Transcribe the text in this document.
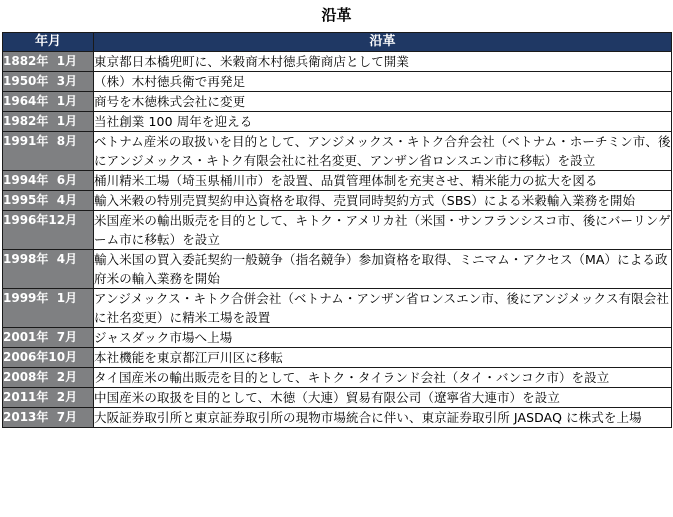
沿革
年月	沿革
1882年  1月	東京都日本橋兜町に、米穀商木村徳兵衛商店として開業
1950年  3月	（株）木村徳兵衛で再発足
1964年  1月	商号を木徳株式会社に変更
1982年  1月	当社創業 100 周年を迎える
1991年  8月	ベトナム産米の取扱いを目的として、アンジメックス・キトク合弁会社（ベトナム・ホーチミン市、後にアンジメックス・キトク有限会社に社名変更、アンザン省ロンスエン市に移転）を設立
1994年  6月	桶川精米工場（埼玉県桶川市）を設置、品質管理体制を充実させ、精米能力の拡大を図る
1995年  4月	輸入米穀の特別売買契約申込資格を取得、売買同時契約方式（SBS）による米穀輸入業務を開始
1996年12月	米国産米の輸出販売を目的として、キトク・アメリカ社（米国・サンフランシスコ市、後にバーリンゲーム市に移転）を設立
1998年  4月	輸入米国の買入委託契約一般競争（指名競争）参加資格を取得、ミニマム・アクセス（MA）による政府米の輸入業務を開始
1999年  1月	アンジメックス・キトク合併会社（ベトナム・アンザン省ロンスエン市、後にアンジメックス有限会社に社名変更）に精米工場を設置
2001年  7月	ジャスダック市場へ上場
2006年10月	本社機能を東京都江戸川区に移転
2008年  2月	タイ国産米の輸出販売を目的として、キトク・タイランド会社（タイ・バンコク市）を設立
2011年  2月	中国産米の取扱を目的として、木徳（大連）貿易有限公司（遼寧省大連市）を設立
2013年  7月	大阪証券取引所と東京証券取引所の現物市場統合に伴い、東京証券取引所 JASDAQ に株式を上場
